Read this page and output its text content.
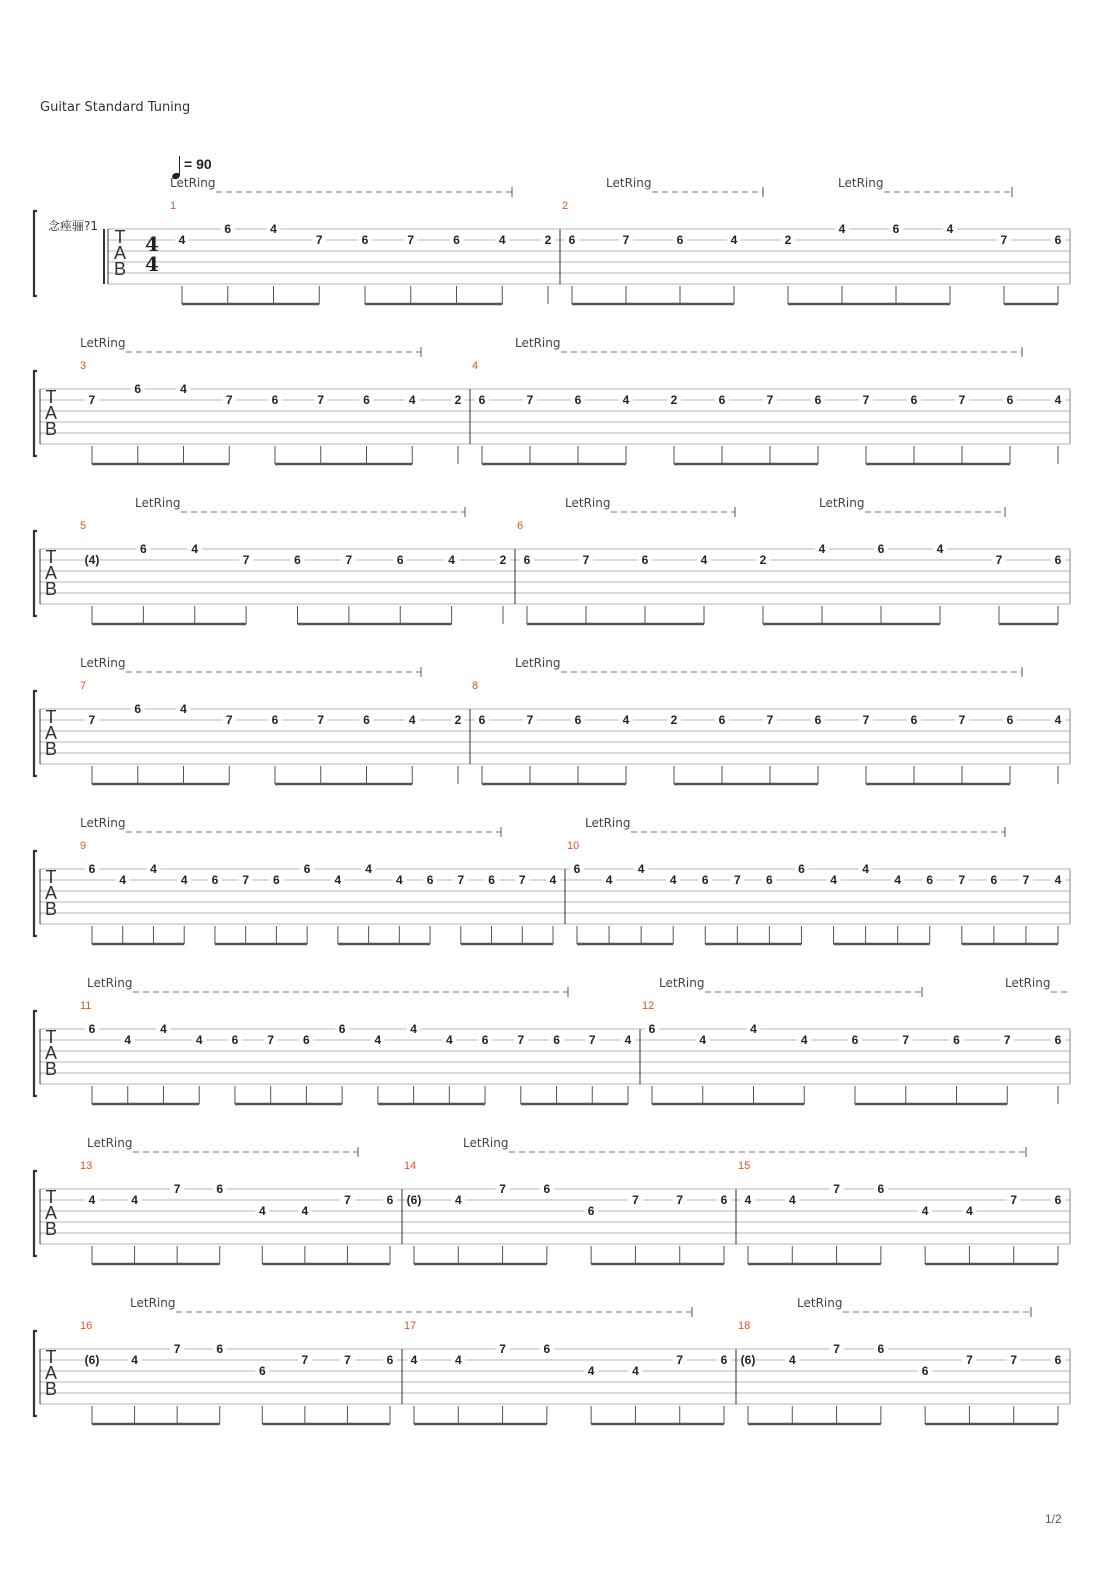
Guitar Standard Tuning
= 90
念痤骊?1
T
A
B
4
4
LetRing	LetRing	LetRing
1
4
6	4
7	6	7	6	4	2
2
6	7	6	4	2
4	6	4
7	6
T
A
B
LetRing	LetRing
3
7
6	4
7	6	7	6	4	2
4
6	7	6	4	2	6	7	6	7	6	7	6	4
T
A
B
LetRing	LetRing	LetRing
5
(4)
6	4
7	6	7	6	4	2
6
6	7	6	4	2
4	6	4
7	6
T
A
B
LetRing	LetRing
7
7
6	4
7	6	7	6	4	2
8
6	7	6	4	2	6	7	6	7	6	7	6	4
T
A
B
LetRing	LetRing
9
6
4
4
4 6 7 6
6
4
4
4 6 7 6 7 4
10
6
4
4
4 6 7 6
6
4
4
4 6 7 6 7 4
T
A
B
LetRing	LetRing	LetRing
11
6
4
4
4 6 7 6
6
4
4
4 6 7 6 7 4
12
6
4
4
4	6	7	6	7	6
T
A
B
LetRing	LetRing
13
4	4
7	6
4	4
7	6
14
(6)	4
7	6
6
7	7	6
15
4	4
7	6
4	4
7	6
T
A
B
LetRing	LetRing
16
(6)	4
7	6
6
7	7	6
17
4	4
7	6
4	4
7	6
18
(6)	4
7	6
6
7	7	6
1/2
